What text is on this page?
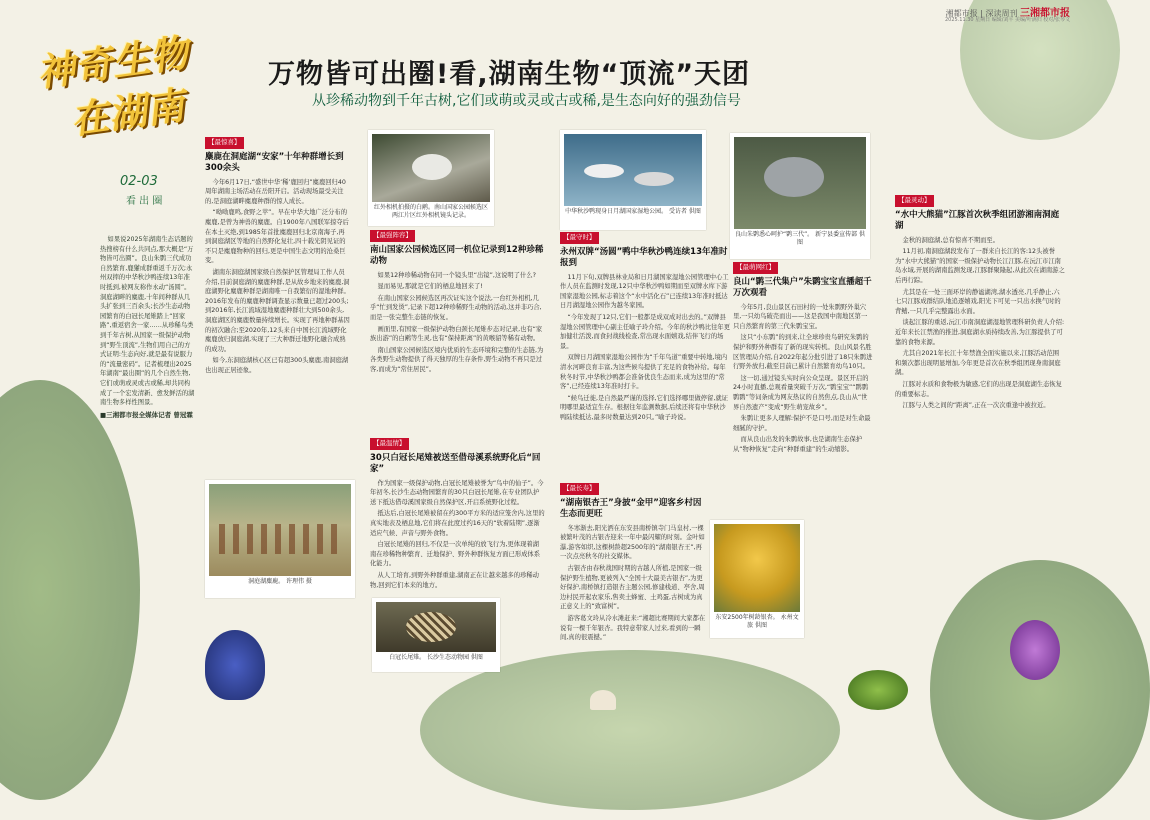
湘都市报 | 深读周刊 三湘都市报
2025.11.30 星期日 编辑/刘平 美编/叶满归 校对/张琴文
神奇生物
在湖南
万物皆可出圈!看,湖南生物“顶流”天团
从珍稀动物到千年古树,它们或萌或灵或古或稀,是生态向好的强劲信号
02-03
看 出 圈

如果说2025年湖南生态话题的热搜榜有什么共同点,那大概是“万物皆可出圈”。良山朱鹮三代成功自然繁育,鹿獾成群重返千万次;永州双摔的中华秋沙鸭连续13年准时抵到,被网友称作永动“汤圆”。洞庭湖畔的麋鹿,十年间种群从几头扩张到三百余头;长沙生态动物园繁育的白冠长尾雉踏上“回家路”,重返宿舍一家……从珍稀鸟类到千年古树,从国家一级保护动物到“野生顶流”,生物们用自己的方式证明:生态向好,就是最有说服力的“流量密码”。记者梳理出2025年湖南“最出圈”的几个自然生物,它们或萌或灵或古或稀,却共同构成了一个宏发清新、愈发鲜活的湖南生物多样性图景。

■三湘都市报全媒体记者 曾冠霖
【最惊喜】
麋鹿在洞庭湖“安家”十年种群增长到300余头

今年6月17日,“盛世中华‘稀’鹿回归”麋鹿回归40周年湖南主场活动在岳阳开启。活动现场最受关注的,是洞庭湖畔麋鹿种群的惊人成长。

“呦呦鹿鸣,食野之苹”。早在中华大地广泛分布的麋鹿,是曾为神兽的麋鹿。自1900年八国联军掠夺后在本土灭绝,到1985年首批麋鹿回归北京南海子,再到洞庭湖区等地的自然野化复壮,四十载光阴见证的不只是麋鹿物种的回归,更是中国生态文明的沧桑巨变。

湖南东洞庭湖国家级自然保护区管理局工作人员介绍,目前洞庭湖的麋鹿种群,是从故乡地来的麋鹿,洞庭湖野化麋鹿种群是湖南唯一自我繁衍的湿地种群。2016年发布的麋鹿种群调查显示数量已超过200头;到2016年,长江流域湿地麋鹿种群壮大到500余头,洞庭湖区的麋鹿数量持续增长。实现了再地种群基因的初次融合;至2020年,12头来自中国长江流域野化麋鹿放归洞庭湖,实现了三大种群迁地野化融合成熟的成功。

如今,东洞庭湖核心区已有超300头麋鹿,南洞庭湖也出现正居迹象。

洞庭湖麋鹿。 许理伟 摄
红外相机拍摄的白鹇。南山国家公园候选区两江片区红外相机镜头记录。
【最强阵容】
南山国家公园候选区同一机位记录到12种珍稀动物

如果12种珍稀动物在同一个镜头里“出镜”,这说明了什么?

显而易见,那就是它们的栖息地回来了!

在南山国家公园候选区再次证实这个说法,一台红外相机,几乎“忙到发烫”,记录下超12种珍稀野生动物的活动,这并非巧合,而是一张完整生态链的恢复。

画面里,有国家一级保护动物白颈长尾雉步态对记录,也有“家族出游”的白鹇等生灵,也有“保持距离”的黄喉貂等稀有动物。

南山国家公园候选区境内优质的生态环境和完整的生态链,为各类野生动物提供了得天独厚的生存条件,野生动物不再只是过客,而成为“常住居民”。

【最温情】
30只白冠长尾雉被送至借母溪系统野化后“回家”

作为国家一级保护动物,白冠长尾雉被誉为“鸟中的仙子”。今年初冬,长沙生态动物园繁育的30只白冠长尾雉,在专业团队护送下抵达借母溪国家级自然保护区,开启系统野化过程。

抵达后,白冠长尾雉被留在约300平方米的适应笼舍内,这里的真实地表及栖息地,它们将在此度过约16天的“软着陆期”,逐渐适应气候、声音与野外食物。

白冠长尾雉的回归,不仅是一次单纯的放飞行为,更体现着湖南在珍稀物种繁育、迁地保护、野外种群恢复方面已形成体系化能力。

从人工培育,到野外种群重建,湖南正在让越来越多的珍稀动物,回到它们本来的地方。

白冠长尾雉。 长沙生态动物园 供图
中华秋沙鸭现身日月湖国家湿地公园。 受访者 供图
【最守时】
永州双牌“汤圆”鸭中华秋沙鸭连续13年准时报到

11月下旬,双牌县林业局和日月湖国家湿地公园管理中心工作人员在监测时发现,12只中华秋沙鸭如期而至双牌水库下游国家湿地公园,标志着这个“水中活化石”已连续13年准时抵达日月湖湿地公园作为越冬家园。

“今年发现了12只,它们一般都是成双成对出去的。”双牌县湿地公园管理中心副主任喻子玲介绍。今年的秋沙鸭比往年更加健壮活泼,而食封战线检查,常出现水面嬉戏,结伴飞行的场景。

双牌日月湖国家湿地公园作为“千年鸟道”重要中转地,境内清水河畔良育丰富,为这些候鸟提供了充足的食物补给。每年秋冬时节,中华秋沙鸭都会准备优良生态而来,成为这里的“常客”,已经连续13年准时打卡。

“候鸟迁徙,是自然最严谨的选择,它们选择哪里做停留,就证明哪里最适宜生存。根据往年监测数据,后续还将有中华秋沙鸭陆续抵达,最多时数量达到20只。”喻子玲说。

【最长寿】
“湖南银杏王”身披“金甲”迎客乡村因生态而更旺

冬寒渐去,阳光洒在东安县南桥镇寺门马皇村,一棵被繁叶茂的古银杏迎来一年中最闪耀的时刻。金叶如瀑,游客如织,这棵树龄超2500年的“湖南银杏王”,再一次点亮秋冬的社交媒体。

古银杏由春秋战国时期的古越人所植,是国家一级保护野生植物,更被列入“全国十大最美古银杏”,为更好保护,南桥镇打造银杏主题公园,修建栈道、亭舍,周边村民开起农家乐,售卖土蜂蜜、土鸡蛋,古树成为真正意义上的“致富树”。

游客葛文玲从冷水滩赶来:“湘超比赛期间大家都在说有一棵千年银杏。我特意带家人过来,看到的一瞬间,真的很震撼。”

东安2500年树龄银杏。 永州文旅 供图
良山朱鹮悉心呵护“鹮三代”。 新宁县委宣传部 供图
【最萌网红】
良山“鹮三代集户”朱鹮宝宝直播超千万次观看

今年5月,良山景区石田村的一处朱鹮野外巢穴里,一只幼鸟破壳而出——这是我国中南地区第一只自然繁育的第三代朱鹮宝宝。

这只“小东鹮”的到来,让全球珍贵鸟研究朱鹮的保护和野外种群有了新的现实转机。良山风景名胜区管理局介绍,自2022年起分批引进了18只朱鹮进行野外放归,截至目前已累计自然繁育幼鸟10只。

这一切,通过镜头实时向公众呈现。景区开启的24小时直播,总观看量突破千万次,“鹮宝宝”“鹮鹮鹮鹮”等词条成为网友热议的自然焦点,良山从“世界自然遗产”变成“野生萌宠故乡”。

朱鹮让更多人理解:保护不是口号,而是对生命最细腻的守护。

而从良山出发的朱鹮故事,也是湖南生态保护从“物种恢复”走向“种群重建”的生动缩影。

【最灵动】
“水中大熊猫”江豚首次秋季组团游湘南洞庭湖

金秋的洞庭湖,总有惊喜不期而至。

11月初,南洞庭湖段发布了一群来自长江的客:12头被誉为“水中大熊猫”的国家一级保护动物长江江豚,在沅江市江南岛水域,开展的湖南监测发现,江豚群聚隆起,从此次在湖南游之后再行踪。

尤其是在一处三面环岸的静谧湖湾,湖水透亮,几乎静止,六七只江豚成群结队地追逐嬉戏,阳光下可见一只出水换气时的背鳍,一只几乎完整露出水面。

谈起江豚的重返,沅江市南洞庭湖湿地管理科研负责人介绍:近年来长江禁渔的推进,洞庭湖水质持续改善,为江豚提供了可靠的食物来源。

尤其自2021年长江十年禁渔全面实施以来,江豚活动范围和频次都出现明显增加,今年更是首次在秋季组团现身南洞庭湖。

江豚对水质和食物极为敏感,它们的出现是洞庭湖生态恢复的重要标志。

江豚与人类之间的“距离”,正在一次次重逢中被拉近。
